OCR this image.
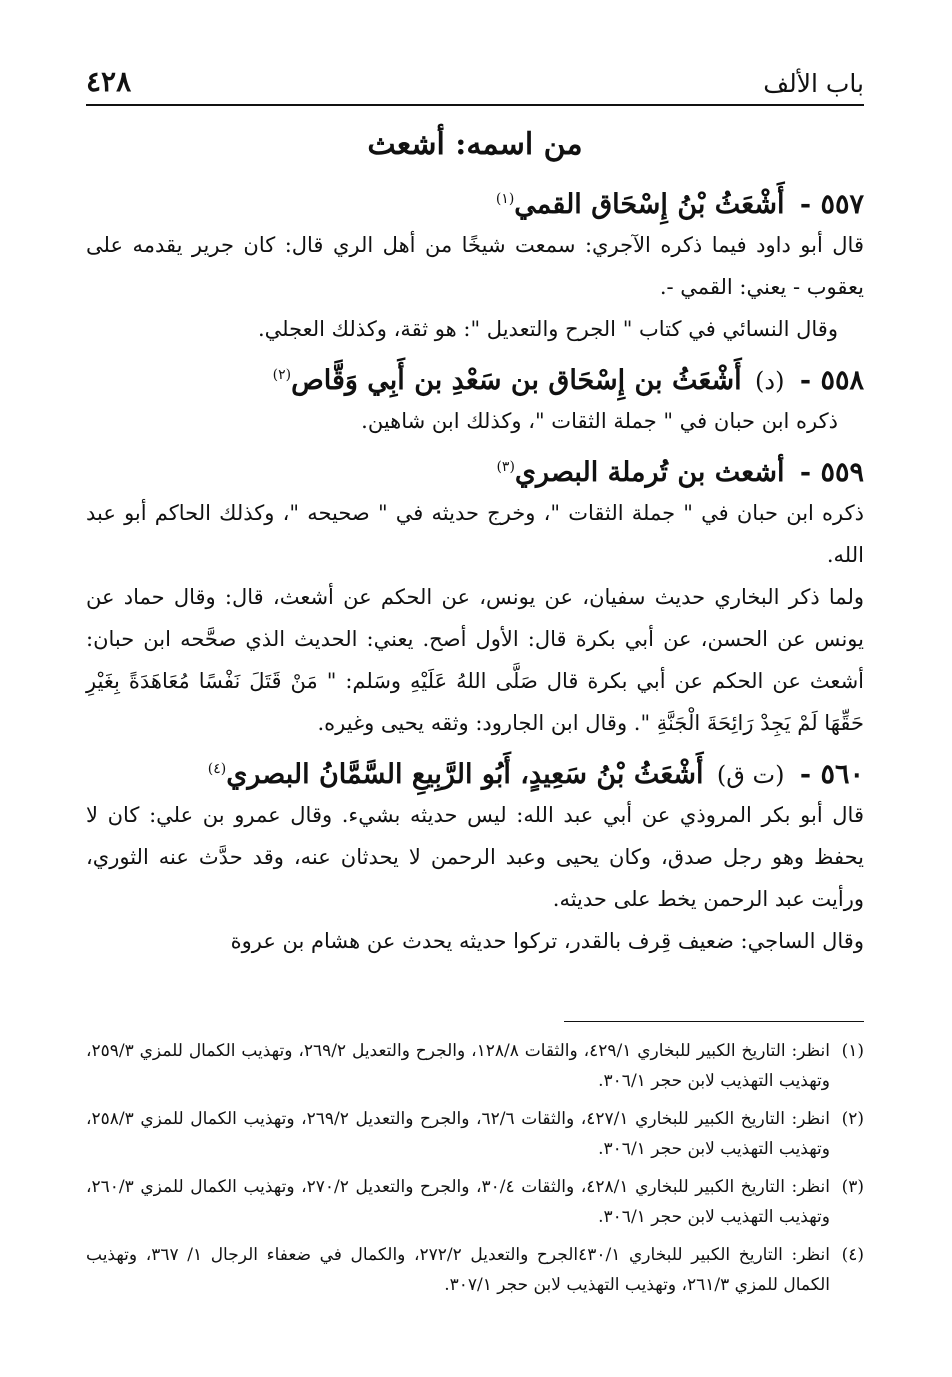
باب الألف
٤٢٨
من اسمه: أشعث
٥٥٧ - أَشْعَثُ بْنُ إِسْحَاق القمي$^{(١)}$

قال أبو داود فيما ذكره الآجري: سمعت شيخًا من أهل الري قال: كان جرير يقدمه على يعقوب - يعني: القمي -.

وقال النسائي في كتاب " الجرح والتعديل ": هو ثقة، وكذلك العجلي.

٥٥٨ - (د) أَشْعَثُ بن إِسْحَاق بن سَعْدِ بن أَبِي وَقَّاص$^{(٢)}$

ذكره ابن حبان في " جملة الثقات "، وكذلك ابن شاهين.

٥٥٩ - أشعث بن تُرملة البصري$^{(٣)}$

ذكره ابن حبان في " جملة الثقات "، وخرج حديثه في " صحيحه "، وكذلك الحاكم أبو عبد الله.

ولما ذكر البخاري حديث سفيان، عن يونس، عن الحكم عن أشعث، قال: وقال حماد عن يونس عن الحسن، عن أبي بكرة قال: الأول أصح. يعني: الحديث الذي صحَّحه ابن حبان: أشعث عن الحكم عن أبي بكرة قال صَلَّى اللهُ عَلَيْهِ وسَلم: " مَنْ قَتَلَ نَفْسًا مُعَاهَدَةً بِغَيْرِ حَقِّهَا لَمْ يَجِدْ رَائِحَةَ الْجَنَّةِ ". وقال ابن الجارود: وثقه يحيى وغيره.

٥٦٠ - (ت ق) أَشْعَثُ بْنُ سَعِيدٍ، أَبُو الرَّبِيعِ السَّمَّانُ البصري$^{(٤)}$

قال أبو بكر المروذي عن أبي عبد الله: ليس حديثه بشيء. وقال عمرو بن علي: كان لا يحفظ وهو رجل صدق، وكان يحيى وعبد الرحمن لا يحدثان عنه، وقد حدَّث عنه الثوري، ورأيت عبد الرحمن يخط على حديثه.

وقال الساجي: ضعيف قِرف بالقدر، تركوا حديثه يحدث عن هشام بن عروة

(١)
انظر: التاريخ الكبير للبخاري ٤٢٩/١، والثقات ١٢٨/٨، والجرح والتعديل ٢٦٩/٢، وتهذيب الكمال للمزي ٢٥٩/٣، وتهذيب التهذيب لابن حجر ٣٠٦/١.
(٢)
انظر: التاريخ الكبير للبخاري ٤٢٧/١، والثقات ٦٢/٦، والجرح والتعديل ٢٦٩/٢، وتهذيب الكمال للمزي ٢٥٨/٣، وتهذيب التهذيب لابن حجر ٣٠٦/١.
(٣)
انظر: التاريخ الكبير للبخاري ٤٢٨/١، والثقات ٣٠/٤، والجرح والتعديل ٢٧٠/٢، وتهذيب الكمال للمزي ٢٦٠/٣، وتهذيب التهذيب لابن حجر ٣٠٦/١.
(٤)
انظر: التاريخ الكبير للبخاري ٤٣٠/١الجرح والتعديل ٢٧٢/٢، والكمال في ضعفاء الرجال ١/ ٣٦٧، وتهذيب الكمال للمزي ٢٦١/٣، وتهذيب التهذيب لابن حجر ٣٠٧/١.
